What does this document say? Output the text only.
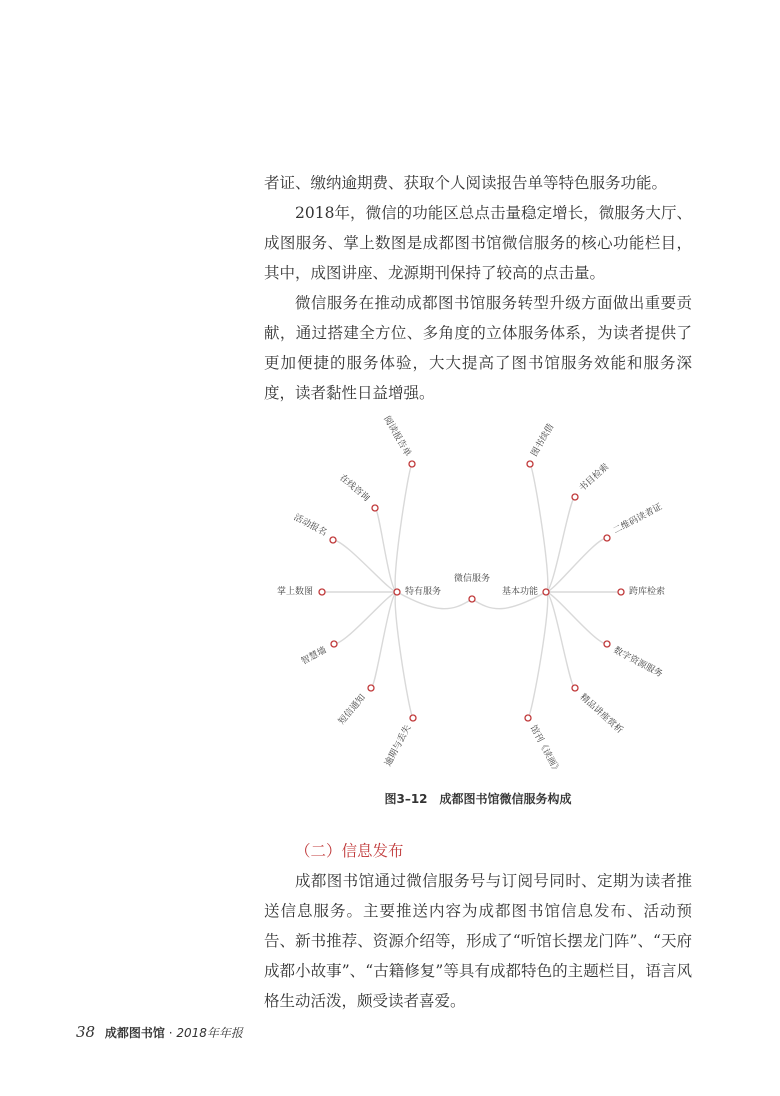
者证、缴纳逾期费、获取个人阅读报告单等特色服务功能。

2018年，微信的功能区总点击量稳定增长，微服务大厅、成图服务、掌上数图是成都图书馆微信服务的核心功能栏目，其中，成图讲座、龙源期刊保持了较高的点击量。

微信服务在推动成都图书馆服务转型升级方面做出重要贡献，通过搭建全方位、多角度的立体服务体系，为读者提供了更加便捷的服务体验，大大提高了图书馆服务效能和服务深度，读者黏性日益增强。

微信服务
特有服务	基本功能
阅读报告单
在线咨询
活动报名
掌上数图
智慧墙
短信通知
逾期与丢失
图书续借
书目检索
二维码读者证
跨库检索
数字资源服务
精品讲座赏析
馆刊《读画》
图3–12　成都图书馆微信服务构成
（二）信息发布

成都图书馆通过微信服务号与订阅号同时、定期为读者推送信息服务。主要推送内容为成都图书馆信息发布、活动预告、新书推荐、资源介绍等，形成了“听馆长摆龙门阵”、“天府成都小故事”、“古籍修复”等具有成都特色的主题栏目，语言风格生动活泼，颇受读者喜爱。

38 成都图书馆 · 2018年年报
